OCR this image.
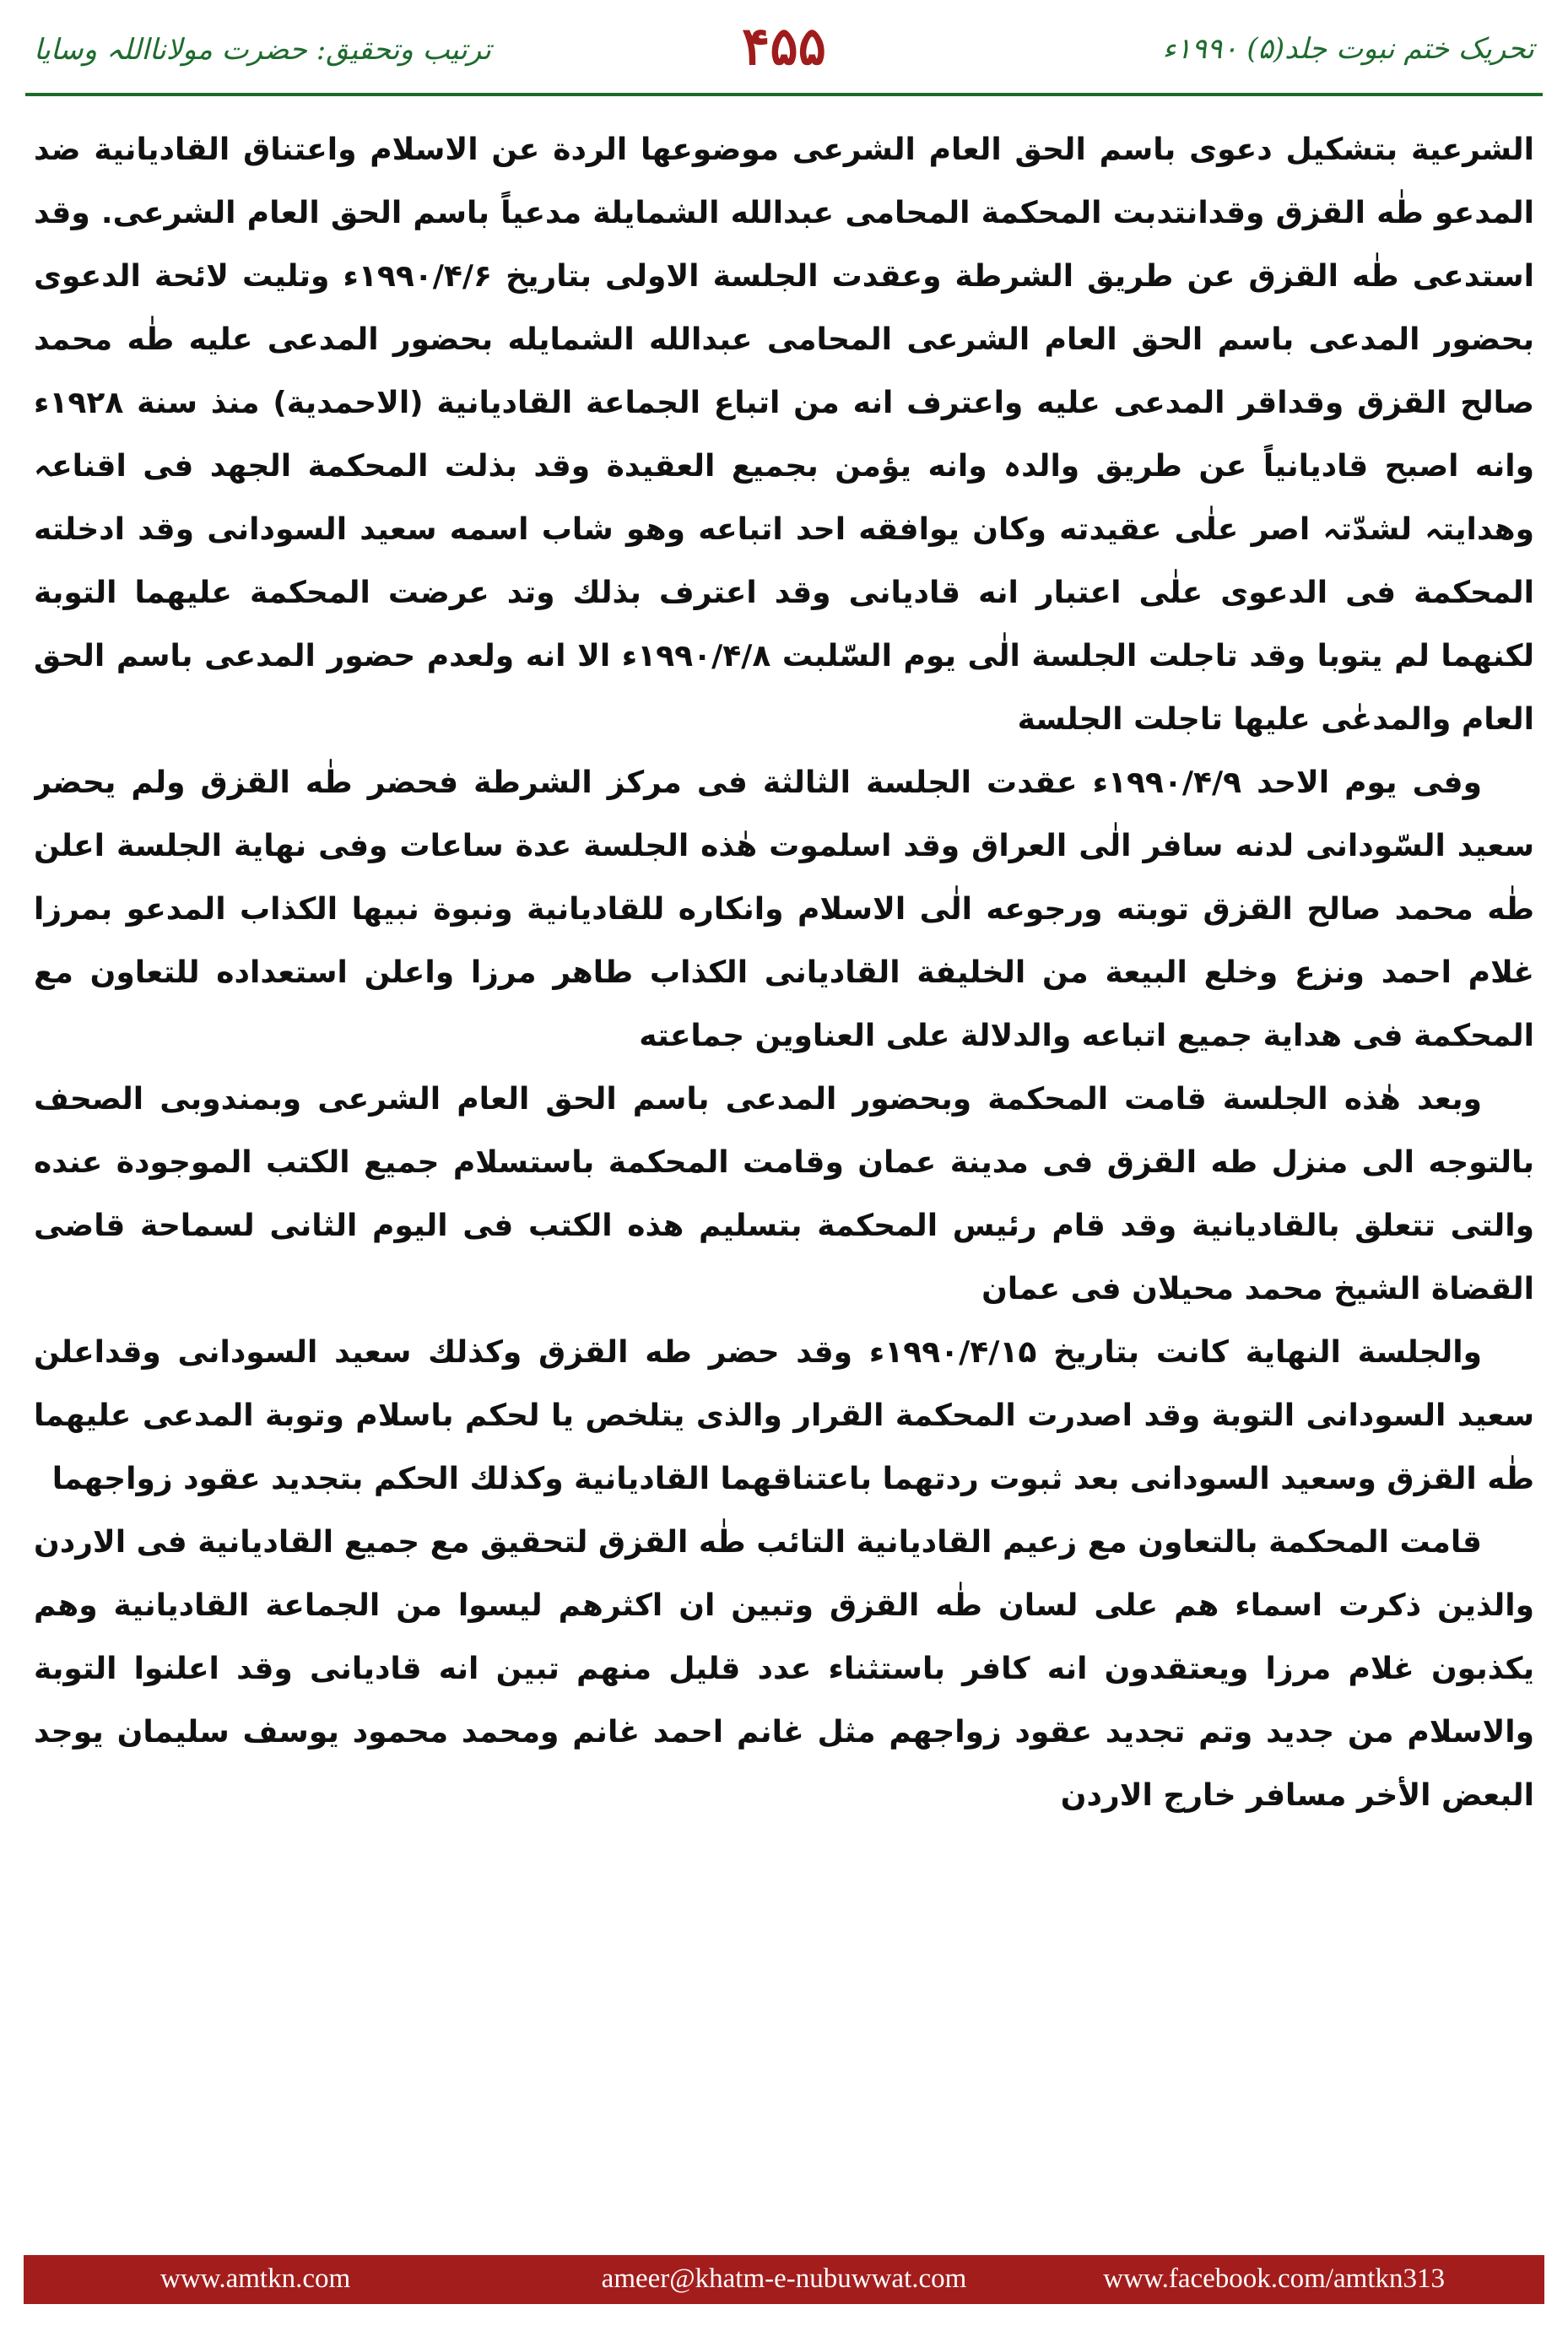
تحریک ختم نبوت جلد(۵) ۱۹۹۰ء
۴۵۵
ترتیب وتحقیق: حضرت مولانااللہ وسایا

الشرعية بتشكيل دعوى باسم الحق العام الشرعى موضوعها الردة عن الاسلام واعتناق القاديانية ضد المدعو طٰه القزق وقدانتدبت المحكمة المحامى عبدالله الشمايلة مدعياً باسم الحق العام الشرعى. وقد استدعى طٰه القزق عن طريق الشرطة وعقدت الجلسة الاولى بتاريخ ۱۹۹۰/۴/۶ء وتليت لائحة الدعوى بحضور المدعى باسم الحق العام الشرعى المحامى عبدالله الشمايله بحضور المدعى عليه طٰه محمد صالح القزق وقداقر المدعى عليه واعترف انه من اتباع الجماعة القاديانية (الاحمدية) منذ سنة ۱۹۲۸ء وانه اصبح قاديانياً عن طريق والدہ وانه يؤمن بجميع العقيدة وقد بذلت المحكمة الجهد فى اقناعہ وهدايتہ لشدّتہ اصر علٰى عقيدته وكان يوافقه احد اتباعه وهو شاب اسمه سعيد السودانى وقد ادخلته المحكمة فى الدعوى علٰى اعتبار انه قاديانى وقد اعترف بذلك وتد عرضت المحكمة عليهما التوبة لكنهما لم يتوبا وقد تاجلت الجلسة الٰى يوم السّلبت ۱۹۹۰/۴/۸ء الا انه ولعدم حضور المدعى باسم الحق العام والمدعٰى عليها تاجلت الجلسة

وفى يوم الاحد ۱۹۹۰/۴/۹ء عقدت الجلسة الثالثة فى مركز الشرطة فحضر طٰه القزق ولم يحضر سعيد السّودانى لدنه سافر الٰى العراق وقد اسلموت هٰذه الجلسة عدة ساعات وفى نهاية الجلسة اعلن طٰه محمد صالح القزق توبته ورجوعه الٰى الاسلام وانكاره للقاديانية ونبوة نبيها الكذاب المدعو بمرزا غلام احمد ونزع وخلع البيعة من الخليفة القاديانى الكذاب طاهر مرزا واعلن استعداده للتعاون مع المحكمة فى هداية جميع اتباعه والدلالة على العناوين جماعته

وبعد هٰذه الجلسة قامت المحكمة وبحضور المدعى باسم الحق العام الشرعى وبمندوبى الصحف بالتوجه الى منزل طه القزق فى مدينة عمان وقامت المحكمة باستسلام جميع الكتب الموجودة عنده والتى تتعلق بالقاديانية وقد قام رئيس المحكمة بتسليم هذه الكتب فى اليوم الثانى لسماحة قاضى القضاة الشيخ محمد محيلان فى عمان

والجلسة النهاية كانت بتاريخ ۱۹۹۰/۴/۱۵ء وقد حضر طه القزق وكذلك سعيد السودانى وقداعلن سعيد السودانى التوبة وقد اصدرت المحكمة القرار والذى يتلخص يا لحكم باسلام وتوبة المدعى عليهما طٰه القزق وسعيد السودانى بعد ثبوت ردتهما باعتناقهما القاديانية وكذلك الحكم بتجديد عقود زواجهما

قامت المحكمة بالتعاون مع زعيم القاديانية التائب طٰه القزق لتحقيق مع جميع القاديانية فى الاردن والذين ذكرت اسماء هم على لسان طٰه القزق وتبين ان اكثرهم ليسوا من الجماعة القاديانية وهم يكذبون غلام مرزا ويعتقدون انه كافر باستثناء عدد قليل منهم تبين انه قاديانى وقد اعلنوا التوبة والاسلام من جديد وتم تجديد عقود زواجهم مثل غانم احمد غانم ومحمد محمود يوسف سليمان يوجد البعض الأخر مسافر خارج الاردن

www.amtkn.com	ameer@khatm-e-nubuwwat.com	www.facebook.com/amtkn313
